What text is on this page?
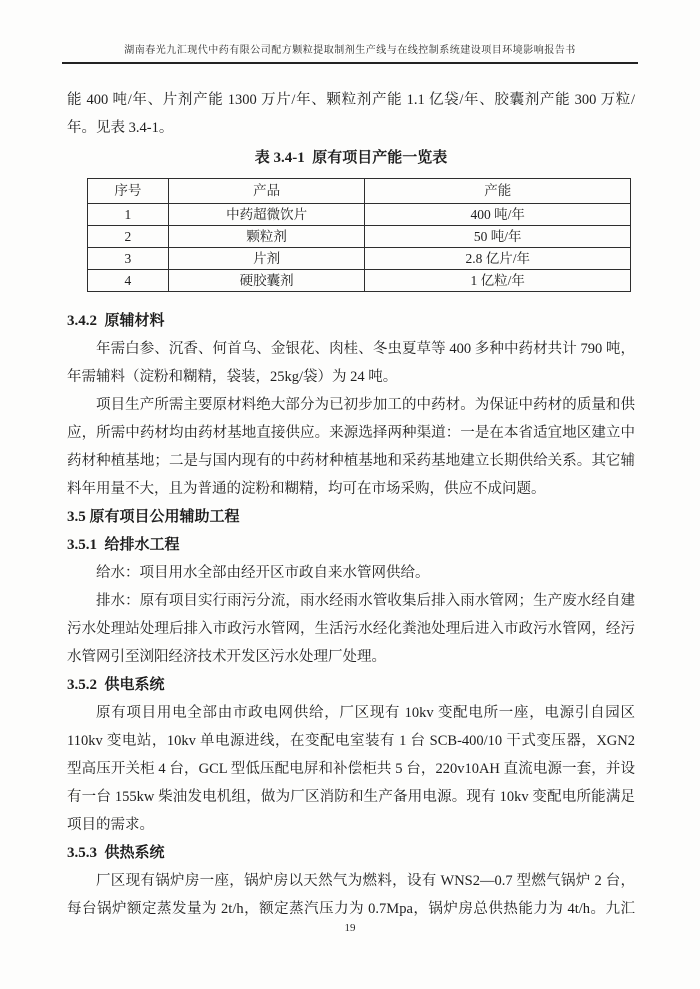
湖南春光九汇现代中药有限公司配方颗粒提取制剂生产线与在线控制系统建设项目环境影响报告书

能 400 吨/年、片剂产能 1300 万片/年、颗粒剂产能 1.1 亿袋/年、胶囊剂产能 300 万粒/年。见表 3.4-1。

表 3.4-1  原有项目产能一览表
序号	产品	产能
1	中药超微饮片	400 吨/年
2	颗粒剂	50 吨/年
3	片剂	2.8 亿片/年
4	硬胶囊剂	1 亿粒/年
3.4.2  原辅材料

年需白参、沉香、何首乌、金银花、肉桂、冬虫夏草等 400 多种中药材共计 790 吨，年需辅料（淀粉和糊精，袋装，25kg/袋）为 24 吨。

项目生产所需主要原材料绝大部分为已初步加工的中药材。为保证中药材的质量和供应，所需中药材均由药材基地直接供应。来源选择两种渠道：一是在本省适宜地区建立中药材种植基地；二是与国内现有的中药材种植基地和采药基地建立长期供给关系。其它辅料年用量不大，且为普通的淀粉和糊精，均可在市场采购，供应不成问题。

3.5 原有项目公用辅助工程
3.5.1  给排水工程

给水：项目用水全部由经开区市政自来水管网供给。

排水：原有项目实行雨污分流，雨水经雨水管收集后排入雨水管网；生产废水经自建污水处理站处理后排入市政污水管网，生活污水经化粪池处理后进入市政污水管网，经污水管网引至浏阳经济技术开发区污水处理厂处理。

3.5.2  供电系统

原有项目用电全部由市政电网供给，厂区现有 10kv 变配电所一座，电源引自园区 110kv 变电站，10kv 单电源进线，在变配电室装有 1 台 SCB-400/10 干式变压器，XGN2 型高压开关柜 4 台，GCL 型低压配电屏和补偿柜共 5 台，220v10AH 直流电源一套，并设有一台 155kw 柴油发电机组，做为厂区消防和生产备用电源。现有 10kv 变配电所能满足项目的需求。

3.5.3  供热系统

厂区现有锅炉房一座，锅炉房以天然气为燃料，设有 WNS2—0.7 型燃气锅炉 2 台，每台锅炉额定蒸发量为 2t/h，额定蒸汽压力为 0.7Mpa，锅炉房总供热能力为 4t/h。九汇

19
